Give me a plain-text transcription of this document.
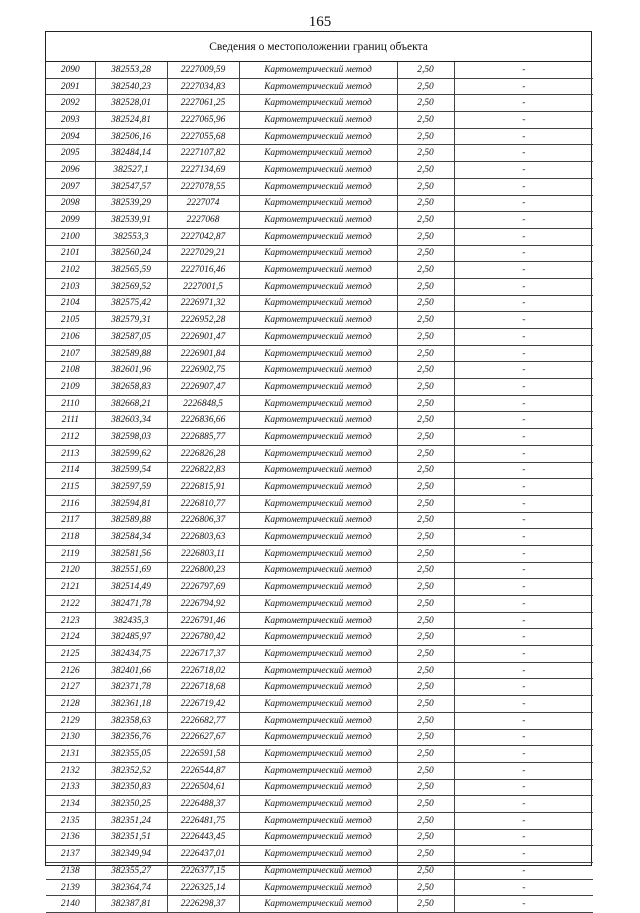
165
Сведения о местоположении границ объекта
2090	382553,28	2227009,59	Картометрический метод	2,50	-
2091	382540,23	2227034,83	Картометрический метод	2,50	-
2092	382528,01	2227061,25	Картометрический метод	2,50	-
2093	382524,81	2227065,96	Картометрический метод	2,50	-
2094	382506,16	2227055,68	Картометрический метод	2,50	-
2095	382484,14	2227107,82	Картометрический метод	2,50	-
2096	382527,1	2227134,69	Картометрический метод	2,50	-
2097	382547,57	2227078,55	Картометрический метод	2,50	-
2098	382539,29	2227074	Картометрический метод	2,50	-
2099	382539,91	2227068	Картометрический метод	2,50	-
2100	382553,3	2227042,87	Картометрический метод	2,50	-
2101	382560,24	2227029,21	Картометрический метод	2,50	-
2102	382565,59	2227016,46	Картометрический метод	2,50	-
2103	382569,52	2227001,5	Картометрический метод	2,50	-
2104	382575,42	2226971,32	Картометрический метод	2,50	-
2105	382579,31	2226952,28	Картометрический метод	2,50	-
2106	382587,05	2226901,47	Картометрический метод	2,50	-
2107	382589,88	2226901,84	Картометрический метод	2,50	-
2108	382601,96	2226902,75	Картометрический метод	2,50	-
2109	382658,83	2226907,47	Картометрический метод	2,50	-
2110	382668,21	2226848,5	Картометрический метод	2,50	-
2111	382603,34	2226836,66	Картометрический метод	2,50	-
2112	382598,03	2226885,77	Картометрический метод	2,50	-
2113	382599,62	2226826,28	Картометрический метод	2,50	-
2114	382599,54	2226822,83	Картометрический метод	2,50	-
2115	382597,59	2226815,91	Картометрический метод	2,50	-
2116	382594,81	2226810,77	Картометрический метод	2,50	-
2117	382589,88	2226806,37	Картометрический метод	2,50	-
2118	382584,34	2226803,63	Картометрический метод	2,50	-
2119	382581,56	2226803,11	Картометрический метод	2,50	-
2120	382551,69	2226800,23	Картометрический метод	2,50	-
2121	382514,49	2226797,69	Картометрический метод	2,50	-
2122	382471,78	2226794,92	Картометрический метод	2,50	-
2123	382435,3	2226791,46	Картометрический метод	2,50	-
2124	382485,97	2226780,42	Картометрический метод	2,50	-
2125	382434,75	2226717,37	Картометрический метод	2,50	-
2126	382401,66	2226718,02	Картометрический метод	2,50	-
2127	382371,78	2226718,68	Картометрический метод	2,50	-
2128	382361,18	2226719,42	Картометрический метод	2,50	-
2129	382358,63	2226682,77	Картометрический метод	2,50	-
2130	382356,76	2226627,67	Картометрический метод	2,50	-
2131	382355,05	2226591,58	Картометрический метод	2,50	-
2132	382352,52	2226544,87	Картометрический метод	2,50	-
2133	382350,83	2226504,61	Картометрический метод	2,50	-
2134	382350,25	2226488,37	Картометрический метод	2,50	-
2135	382351,24	2226481,75	Картометрический метод	2,50	-
2136	382351,51	2226443,45	Картометрический метод	2,50	-
2137	382349,94	2226437,01	Картометрический метод	2,50	-
2138	382355,27	2226377,15	Картометрический метод	2,50	-
2139	382364,74	2226325,14	Картометрический метод	2,50	-
2140	382387,81	2226298,37	Картометрический метод	2,50	-
